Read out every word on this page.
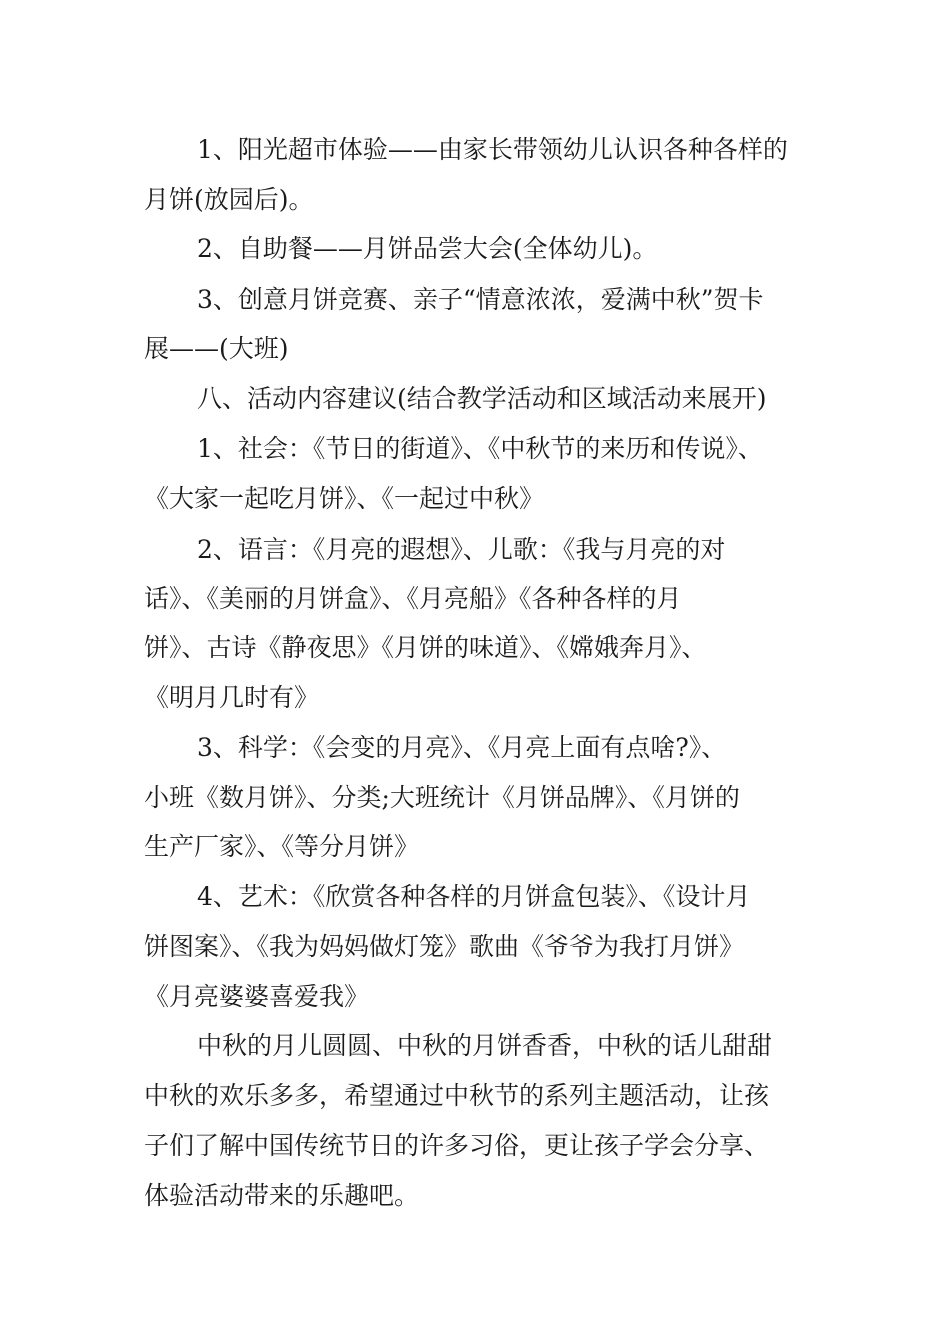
1、阳光超市体验——由家长带领幼儿认识各种各样的
月饼(放园后)。
2、自助餐——月饼品尝大会(全体幼儿)。
3、创意月饼竞赛、亲子“情意浓浓，爱满中秋”贺卡
展——(大班)
八、活动内容建议(结合教学活动和区域活动来展开)
1、社会：《节日的街道》、《中秋节的来历和传说》、
《大家一起吃月饼》、《一起过中秋》
2、语言：《月亮的遐想》、儿歌：《我与月亮的对
话》、《美丽的月饼盒》、《月亮船》《各种各样的月
饼》、古诗《静夜思》《月饼的味道》、《嫦娥奔月》、
《明月几时有》
3、科学：《会变的月亮》、《月亮上面有点啥?》、
小班《数月饼》、分类;大班统计《月饼品牌》、《月饼的
生产厂家》、《等分月饼》
4、艺术：《欣赏各种各样的月饼盒包装》、《设计月
饼图案》、《我为妈妈做灯笼》歌曲《爷爷为我打月饼》
《月亮婆婆喜爱我》
中秋的月儿圆圆、中秋的月饼香香，中秋的话儿甜甜
中秋的欢乐多多，希望通过中秋节的系列主题活动，让孩
子们了解中国传统节日的许多习俗，更让孩子学会分享、
体验活动带来的乐趣吧。
